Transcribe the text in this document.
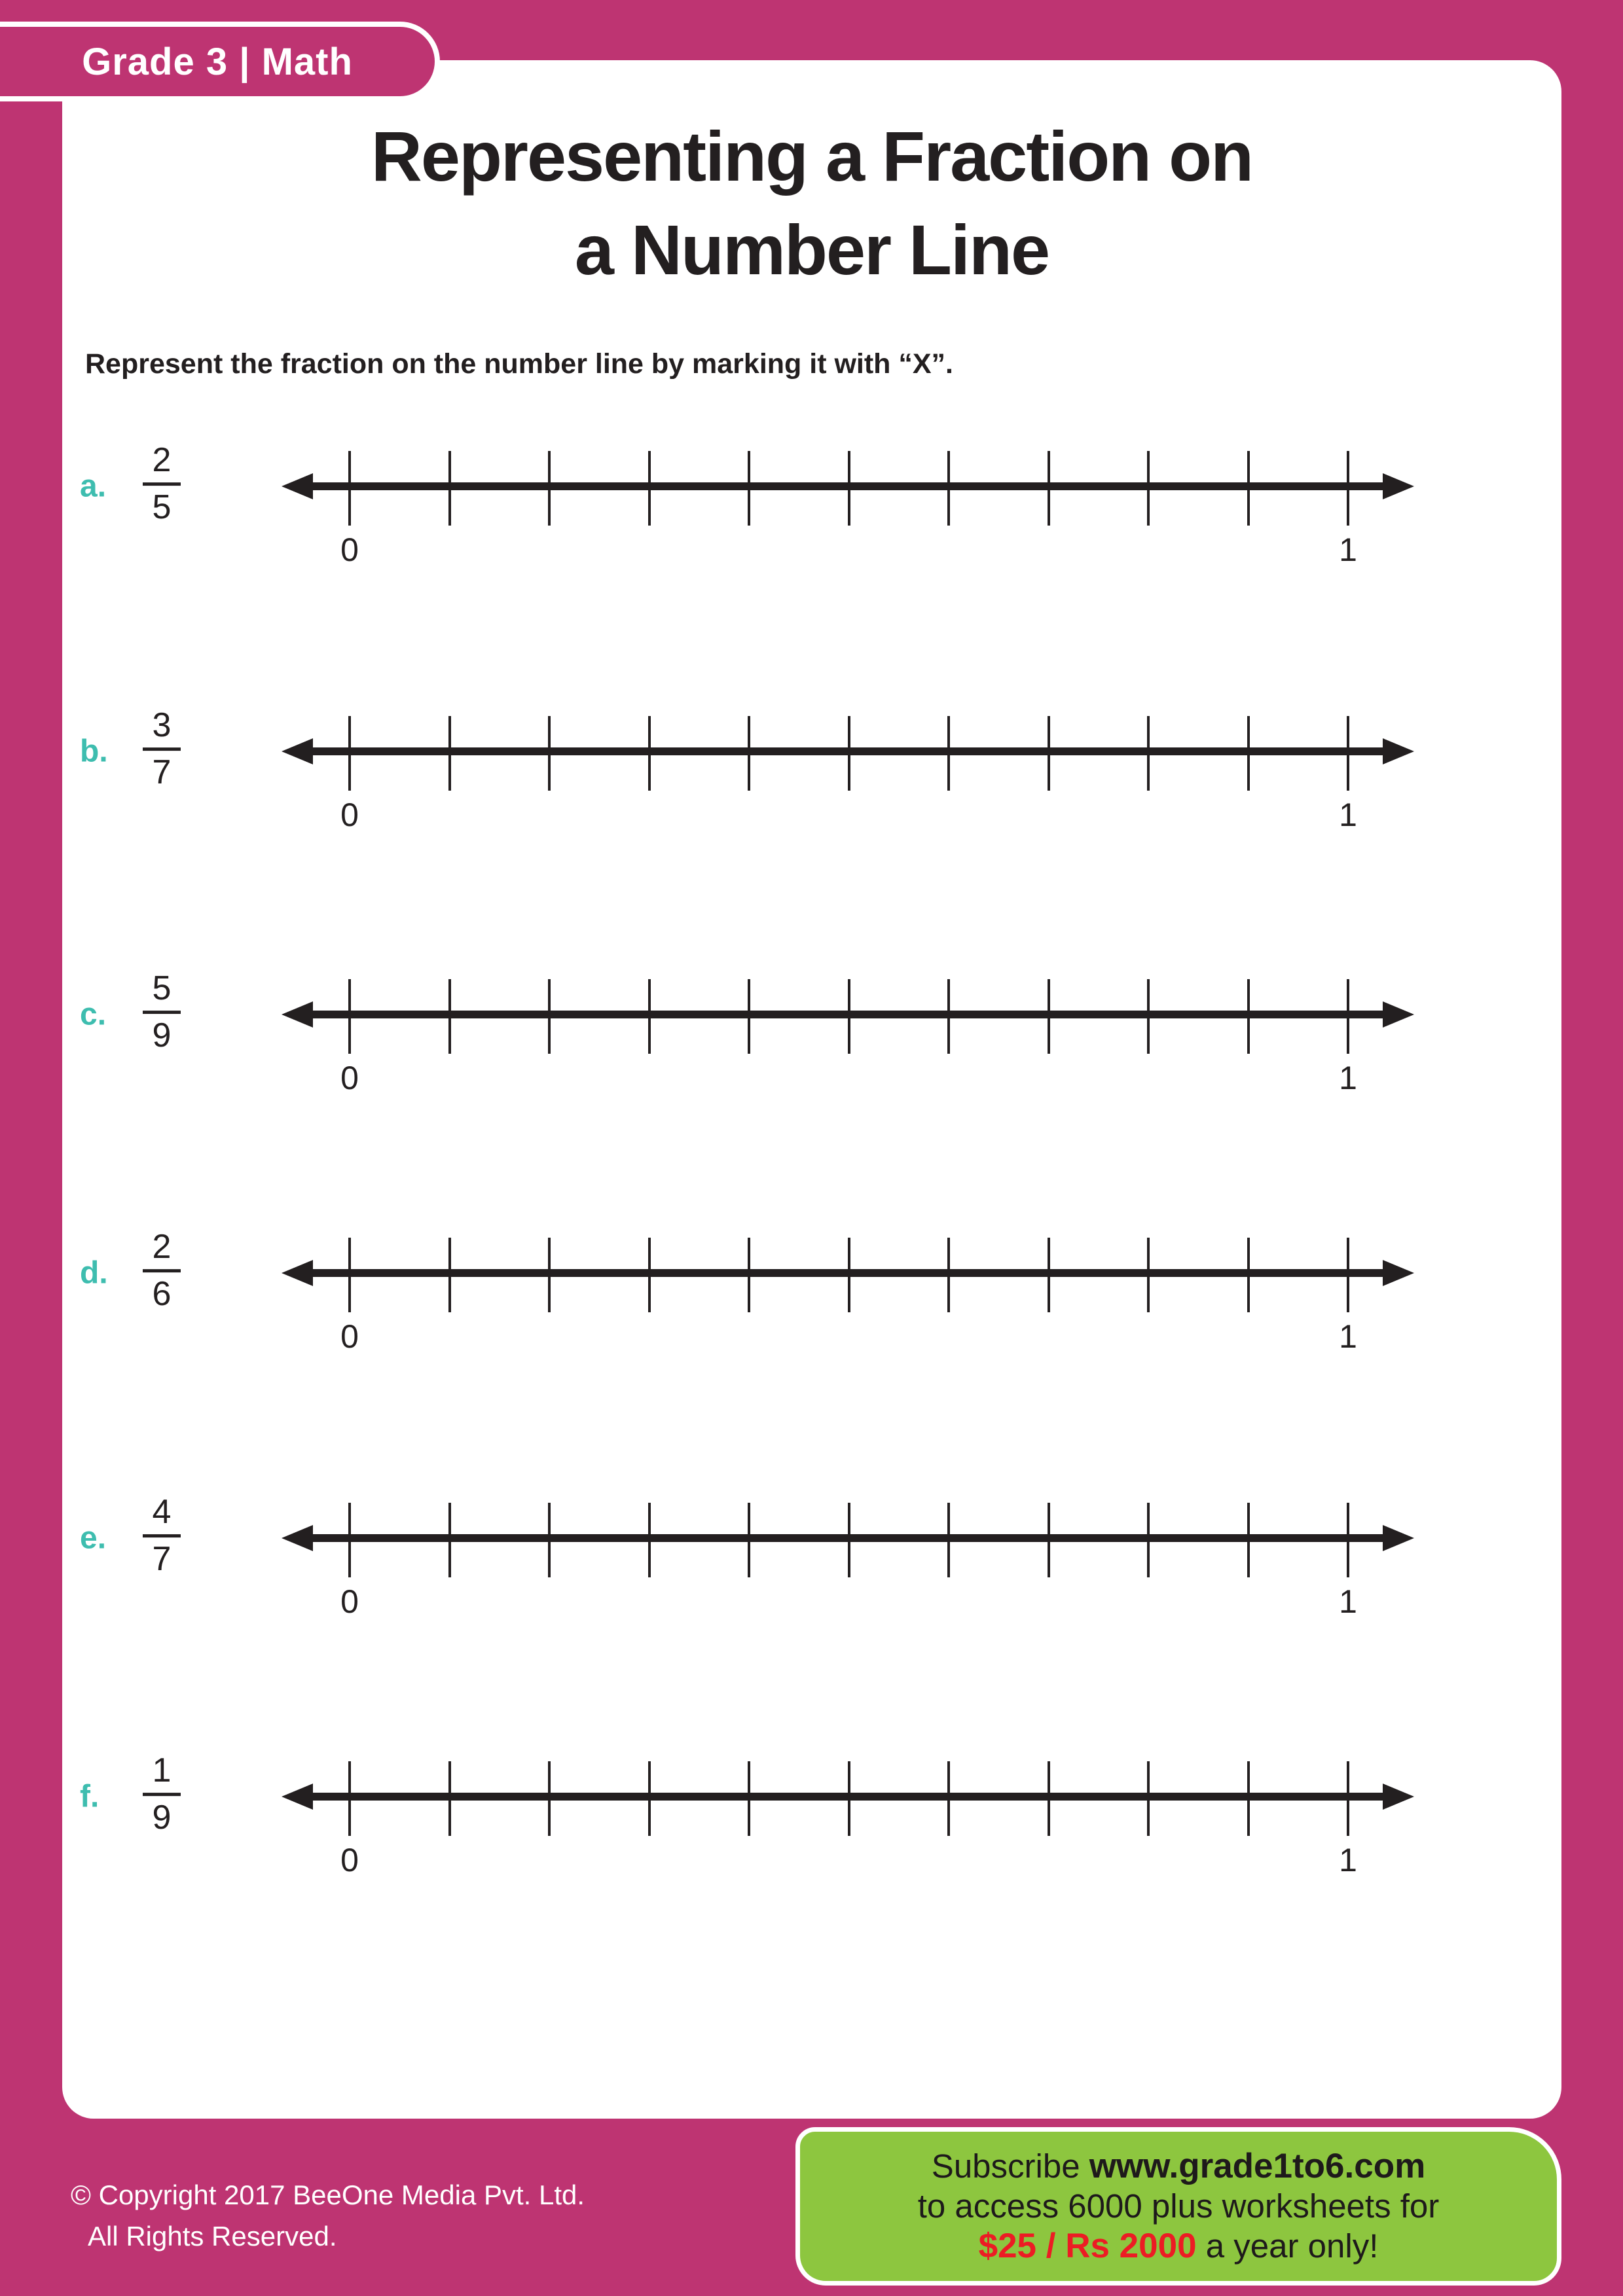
Grade 3 | Math
Representing a Fraction on
a Number Line
Represent the fraction on the number line by marking it with “X”.
a.
2
5
0	1
b.
3
7
0	1
c.
5
9
0	1
d.
2
6
0	1
e.
4
7
0	1
f.
1
9
0	1
© Copyright 2017 BeeOne Media Pvt. Ltd.
All Rights Reserved.
Subscribe www.grade1to6.com
to access 6000 plus worksheets for
$25 / Rs 2000 a year only!
